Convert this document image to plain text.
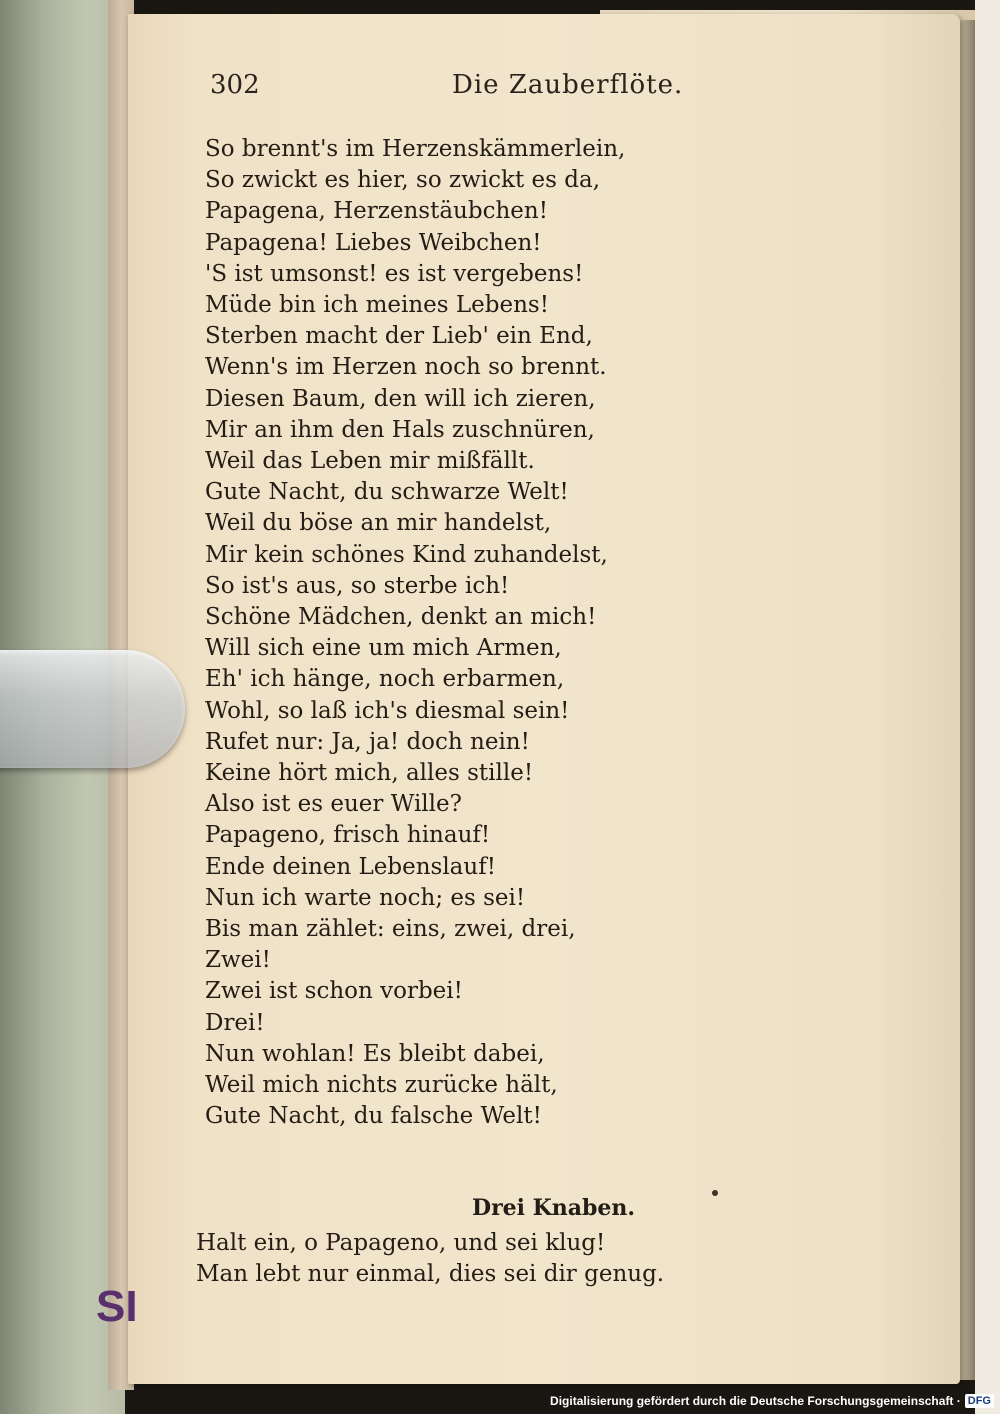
302	Die Zauberflöte.
So brennt's im Herzenskämmerlein,
So zwickt es hier, so zwickt es da,
Papagena, Herzenstäubchen!
Papagena! Liebes Weibchen!
'S ist umsonst! es ist vergebens!
Müde bin ich meines Lebens!
Sterben macht der Lieb' ein End,
Wenn's im Herzen noch so brennt.
Diesen Baum, den will ich zieren,
Mir an ihm den Hals zuschnüren,
Weil das Leben mir mißfällt.
Gute Nacht, du schwarze Welt!
Weil du böse an mir handelst,
Mir kein schönes Kind zuhandelst,
So ist's aus, so sterbe ich!
Schöne Mädchen, denkt an mich!
Will sich eine um mich Armen,
Eh' ich hänge, noch erbarmen,
Wohl, so laß ich's diesmal sein!
Rufet nur: Ja, ja! doch nein!
Keine hört mich, alles stille!
Also ist es euer Wille?
Papageno, frisch hinauf!
Ende deinen Lebenslauf!
Nun ich warte noch; es sei!
Bis man zählet: eins, zwei, drei,
Zwei!
Zwei ist schon vorbei!
Drei!
Nun wohlan! Es bleibt dabei,
Weil mich nichts zurücke hält,
Gute Nacht, du falsche Welt!
Drei Knaben.
Halt ein, o Papageno, und sei klug!
Man lebt nur einmal, dies sei dir genug.
SI
Digitalisierung gefördert durch die Deutsche Forschungsgemeinschaft · DFG
